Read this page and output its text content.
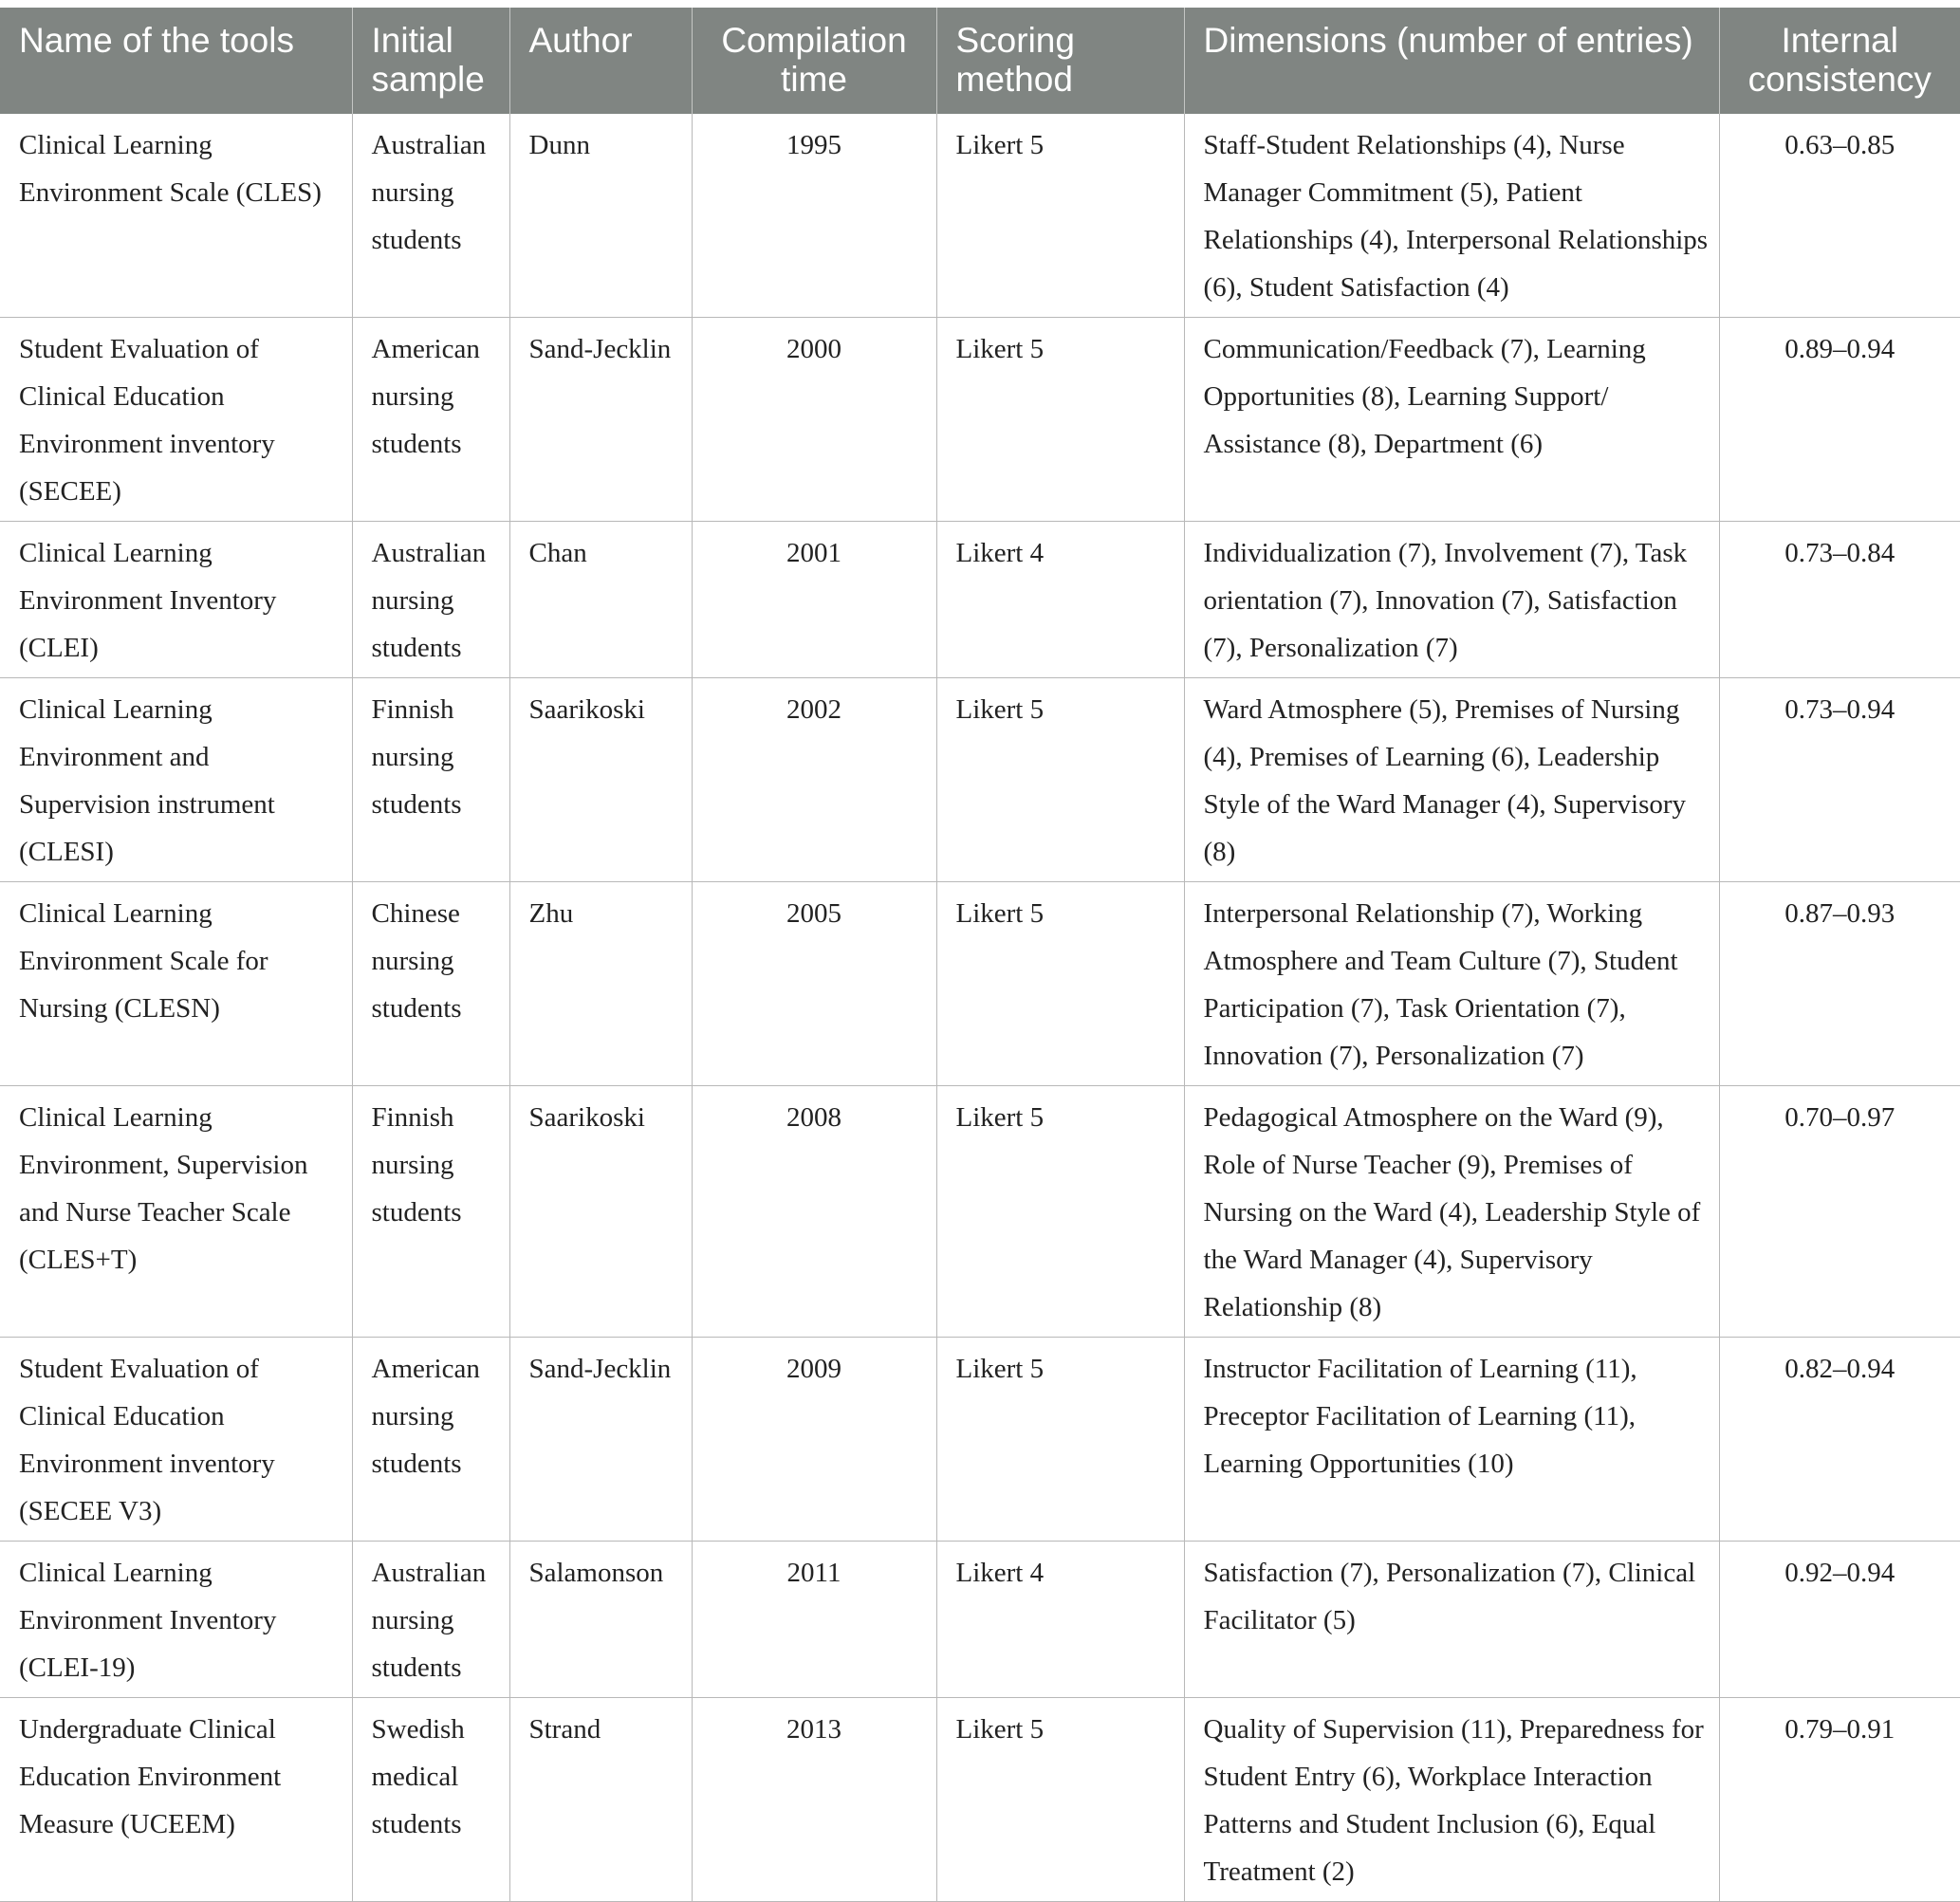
Name of the tools	Initial sample	Author	Compilation time	Scoring method	Dimensions (number of entries)	Internal consistency
Clinical Learning Environment Scale (CLES)	Australian nursing students	Dunn	1995	Likert 5	Staff-Student Relationships (4), Nurse Manager Commitment (5), Patient Relationships (4), Interpersonal Relationships (6), Student Satisfaction (4)	0.63–0.85
Student Evaluation of Clinical Education Environment inventory (SECEE)	American nursing students	Sand-Jecklin	2000	Likert 5	Communication/Feedback (7), Learning Opportunities (8), Learning Support/ Assistance (8), Department (6)	0.89–0.94
Clinical Learning Environment Inventory (CLEI)	Australian nursing students	Chan	2001	Likert 4	Individualization (7), Involvement (7), Task orientation (7), Innovation (7), Satisfaction (7), Personalization (7)	0.73–0.84
Clinical Learning Environment and Supervision instrument (CLESI)	Finnish nursing students	Saarikoski	2002	Likert 5	Ward Atmosphere (5), Premises of Nursing (4), Premises of Learning (6), Leadership Style of the Ward Manager (4), Supervisory (8)	0.73–0.94
Clinical Learning Environment Scale for Nursing (CLESN)	Chinese nursing students	Zhu	2005	Likert 5	Interpersonal Relationship (7), Working Atmosphere and Team Culture (7), Student Participation (7), Task Orientation (7), Innovation (7), Personalization (7)	0.87–0.93
Clinical Learning Environment, Supervision and Nurse Teacher Scale (CLES+T)	Finnish nursing students	Saarikoski	2008	Likert 5	Pedagogical Atmosphere on the Ward (9), Role of Nurse Teacher (9), Premises of Nursing on the Ward (4), Leadership Style of the Ward Manager (4), Supervisory Relationship (8)	0.70–0.97
Student Evaluation of Clinical Education Environment inventory (SECEE V3)	American nursing students	Sand-Jecklin	2009	Likert 5	Instructor Facilitation of Learning (11), Preceptor Facilitation of Learning (11), Learning Opportunities (10)	0.82–0.94
Clinical Learning Environment Inventory (CLEI-19)	Australian nursing students	Salamonson	2011	Likert 4	Satisfaction (7), Personalization (7), Clinical Facilitator (5)	0.92–0.94
Undergraduate Clinical Education Environment Measure (UCEEM)	Swedish medical students	Strand	2013	Likert 5	Quality of Supervision (11), Preparedness for Student Entry (6), Workplace Interaction Patterns and Student Inclusion (6), Equal Treatment (2)	0.79–0.91
